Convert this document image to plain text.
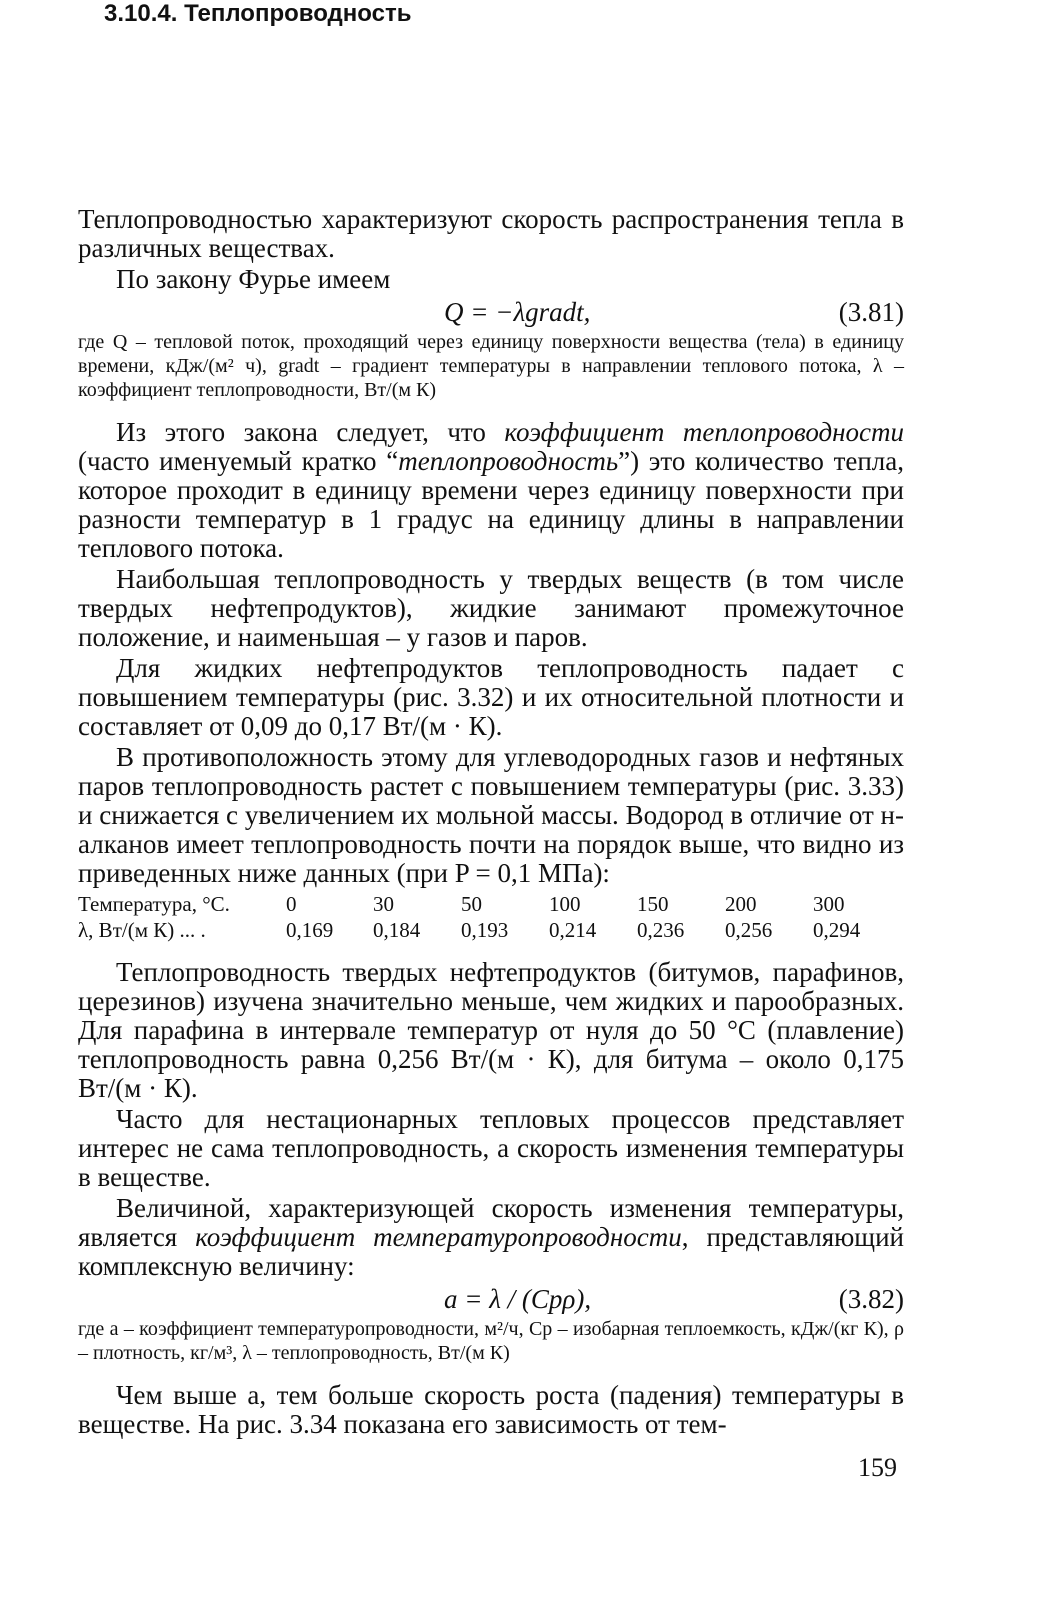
3.10.4. Теплопроводность

Теплопроводностью характеризуют скорость распространения тепла в различных веществах.

По закону Фурье имеем

Q = −λgradt,	(3.81)

где Q – тепловой поток, проходящий через единицу поверхности вещества (тела) в единицу времени, кДж/(м² ч), gradt – градиент температуры в направлении теплового потока, λ – коэффициент теплопроводности, Вт/(м К)

Из этого закона следует, что коэффициент теплопроводности (часто именуемый кратко “теплопроводность”) это количество тепла, которое проходит в единицу времени через единицу поверхности при разности температур в 1 градус на единицу длины в направлении теплового потока.

Наибольшая теплопроводность у твердых веществ (в том числе твердых нефтепродуктов), жидкие занимают промежуточное положение, и наименьшая – у газов и паров.

Для жидких нефтепродуктов теплопроводность падает с повышением температуры (рис. 3.32) и их относительной плотности и составляет от 0,09 до 0,17 Вт/(м · К).

В противоположность этому для углеводородных газов и нефтяных паров теплопроводность растет с повышением температуры (рис. 3.33) и снижается с увеличением их мольной массы. Водород в отличие от н-алканов имеет теплопроводность почти на порядок выше, что видно из приведенных ниже данных (при P = 0,1 МПа):

Температура, °С.	0	30	50	100	150	200	300
λ, Вт/(м К) ... .	0,169 0,184 0,193 0,214 0,236 0,256 0,294

Теплопроводность твердых нефтепродуктов (битумов, парафинов, церезинов) изучена значительно меньше, чем жидких и парообразных. Для парафина в интервале температур от нуля до 50 °С (плавление) теплопроводность равна 0,256 Вт/(м · К), для битума – около 0,175 Вт/(м · К).

Часто для нестационарных тепловых процессов представляет интерес не сама теплопроводность, а скорость изменения температуры в веществе.

Величиной, характеризующей скорость изменения температуры, является коэффициент температуропроводности, представляющий комплексную величину:

a = λ / (Cpρ),	(3.82)

где a – коэффициент температуропроводности, м²/ч, Cp – изобарная теплоемкость, кДж/(кг К), ρ – плотность, кг/м³, λ – теплопроводность, Вт/(м К)

Чем выше a, тем больше скорость роста (падения) температуры в веществе. На рис. 3.34 показана его зависимость от тем-

159
